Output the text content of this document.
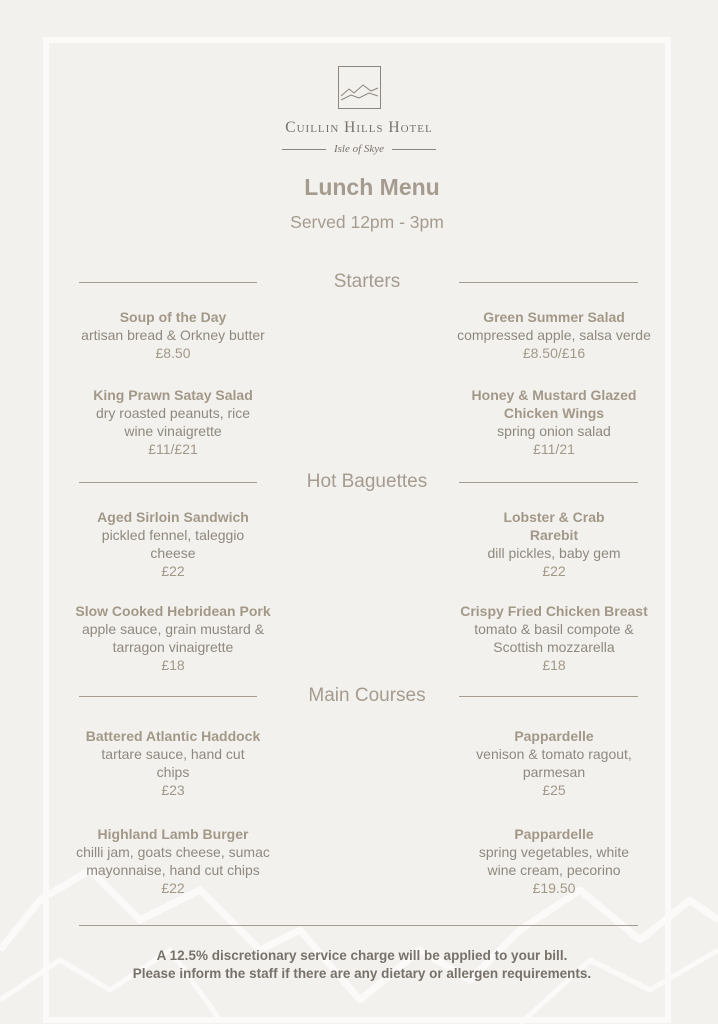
Cuillin Hills Hotel
Isle of Skye
Lunch Menu
Served 12pm - 3pm
Starters
Soup of the Day
artisan bread & Orkney butter
£8.50
Green Summer Salad
compressed apple, salsa verde
£8.50/£16
King Prawn Satay Salad
dry roasted peanuts, rice
wine vinaigrette
£11/£21
Honey & Mustard Glazed
Chicken Wings
spring onion salad
£11/21
Hot Baguettes
Aged Sirloin Sandwich
pickled fennel, taleggio
cheese
£22
Lobster & Crab
Rarebit
dill pickles, baby gem
£22
Slow Cooked Hebridean Pork
apple sauce, grain mustard &
tarragon vinaigrette
£18
Crispy Fried Chicken Breast
tomato & basil compote &
Scottish mozzarella
£18
Main Courses
Battered Atlantic Haddock
tartare sauce, hand cut
chips
£23
Pappardelle
venison & tomato ragout,
parmesan
£25
Highland Lamb Burger
chilli jam, goats cheese, sumac
mayonnaise, hand cut chips
£22
Pappardelle
spring vegetables, white
wine cream, pecorino
£19.50
A 12.5% discretionary service charge will be applied to your bill.
Please inform the staff if there are any dietary or allergen requirements.
